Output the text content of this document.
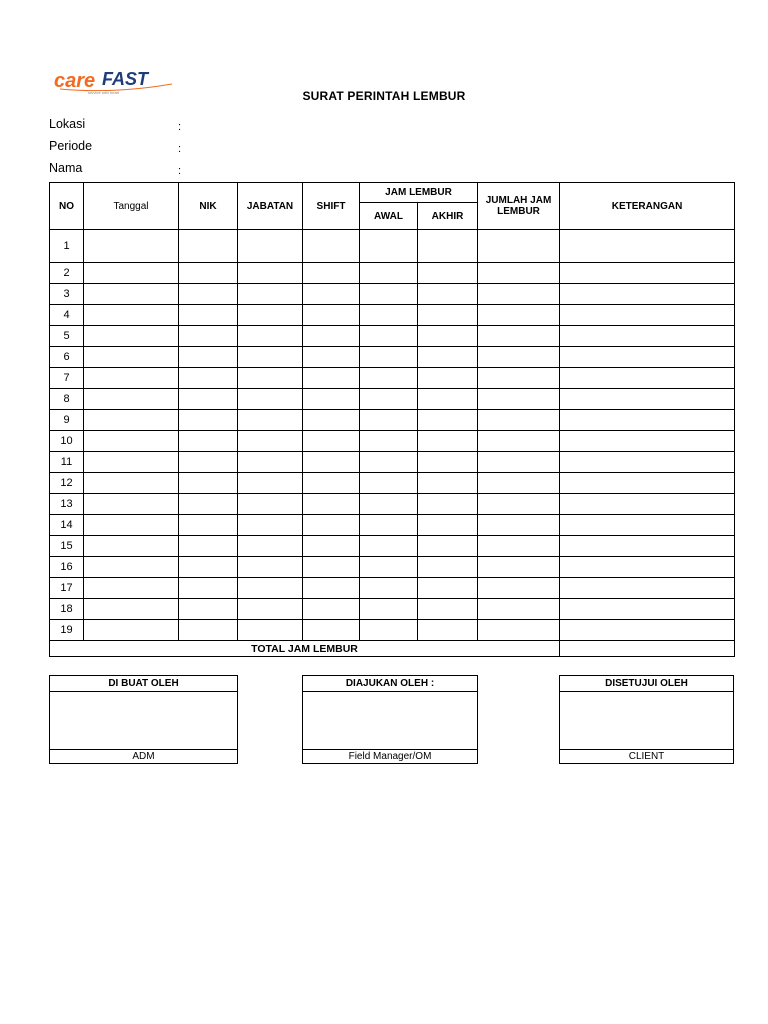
care FAST
service with heart	SURAT PERINTAH LEMBUR
Lokasi	:
Periode	:
Nama	:
NO	Tanggal	NIK	JABATAN	SHIFT	JAM LEMBUR		JUMLAH JAM LEMBUR	KETERANGAN
					AWAL	AKHIR		
1								
2								
3								
4								
5								
6								
7								
8								
9								
10								
11								
12								
13								
14								
15								
16								
17								
18								
19								
TOTAL JAM LEMBUR								
DI BUAT OLEH
ADM
DIAJUKAN OLEH :
Field Manager/OM
DISETUJUI OLEH
CLIENT
